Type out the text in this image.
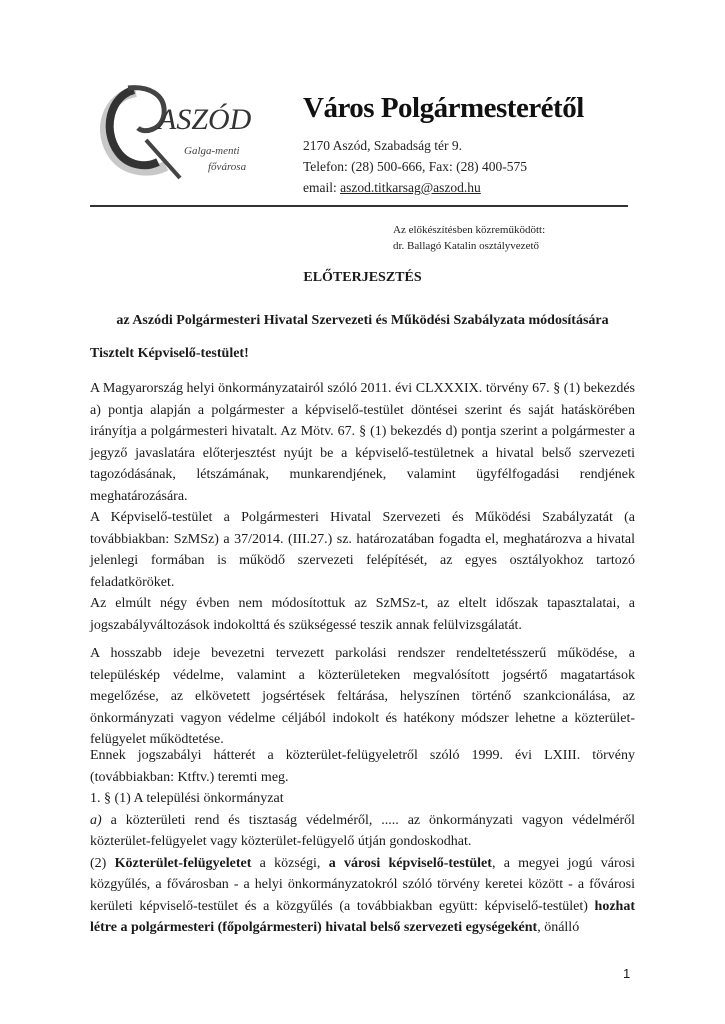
ASZÓD
Galga-menti
fővárosa
Város Polgármesterétől
2170 Aszód, Szabadság tér 9.
Telefon: (28) 500-666, Fax: (28) 400-575
email: aszod.titkarsag@aszod.hu
Az előkészítésben közreműködött:
dr. Ballagó Katalin osztályvezető
ELŐTERJESZTÉS
az Aszódi Polgármesteri Hivatal Szervezeti és Működési Szabályzata módosítására
Tisztelt Képviselő-testület!

A Magyarország helyi önkormányzatairól szóló 2011. évi CLXXXIX. törvény 67. § (1) bekezdés a) pontja alapján a polgármester a képviselő-testület döntései szerint és saját hatáskörében irányítja a polgármesteri hivatalt. Az Mötv. 67. § (1) bekezdés d) pontja szerint a polgármester a jegyző javaslatára előterjesztést nyújt be a képviselő-testületnek a hivatal belső szervezeti tagozódásának, létszámának, munkarendjének, valamint ügyfélfogadási rendjének meghatározására.

A Képviselő-testület a Polgármesteri Hivatal Szervezeti és Működési Szabályzatát (a továbbiakban: SzMSz) a 37/2014. (III.27.) sz. határozatában fogadta el, meghatározva a hivatal jelenlegi formában is működő szervezeti felépítését, az egyes osztályokhoz tartozó feladatköröket.

Az elmúlt négy évben nem módosítottuk az SzMSz-t, az eltelt időszak tapasztalatai, a jogszabályváltozások indokolttá és szükségessé teszik annak felülvizsgálatát.

A hosszabb ideje bevezetni tervezett parkolási rendszer rendeltetésszerű működése, a településkép védelme, valamint a közterületeken megvalósított jogsértő magatartások megelőzése, az elkövetett jogsértések feltárása, helyszínen történő szankcionálása, az önkormányzati vagyon védelme céljából indokolt és hatékony módszer lehetne a közterület-felügyelet működtetése.

Ennek jogszabályi hátterét a közterület-felügyeletről szóló 1999. évi LXIII. törvény (továbbiakban: Ktftv.) teremti meg.

1. § (1) A települési önkormányzat

a) a közterületi rend és tisztaság védelméről, ..... az önkormányzati vagyon védelméről közterület-felügyelet vagy közterület-felügyelő útján gondoskodhat.

(2) Közterület-felügyeletet a községi, a városi képviselő-testület, a megyei jogú városi közgyűlés, a fővárosban - a helyi önkormányzatokról szóló törvény keretei között - a fővárosi kerületi képviselő-testület és a közgyűlés (a továbbiakban együtt: képviselő-testület) hozhat létre a polgármesteri (főpolgármesteri) hivatal belső szervezeti egységeként, önálló

1
